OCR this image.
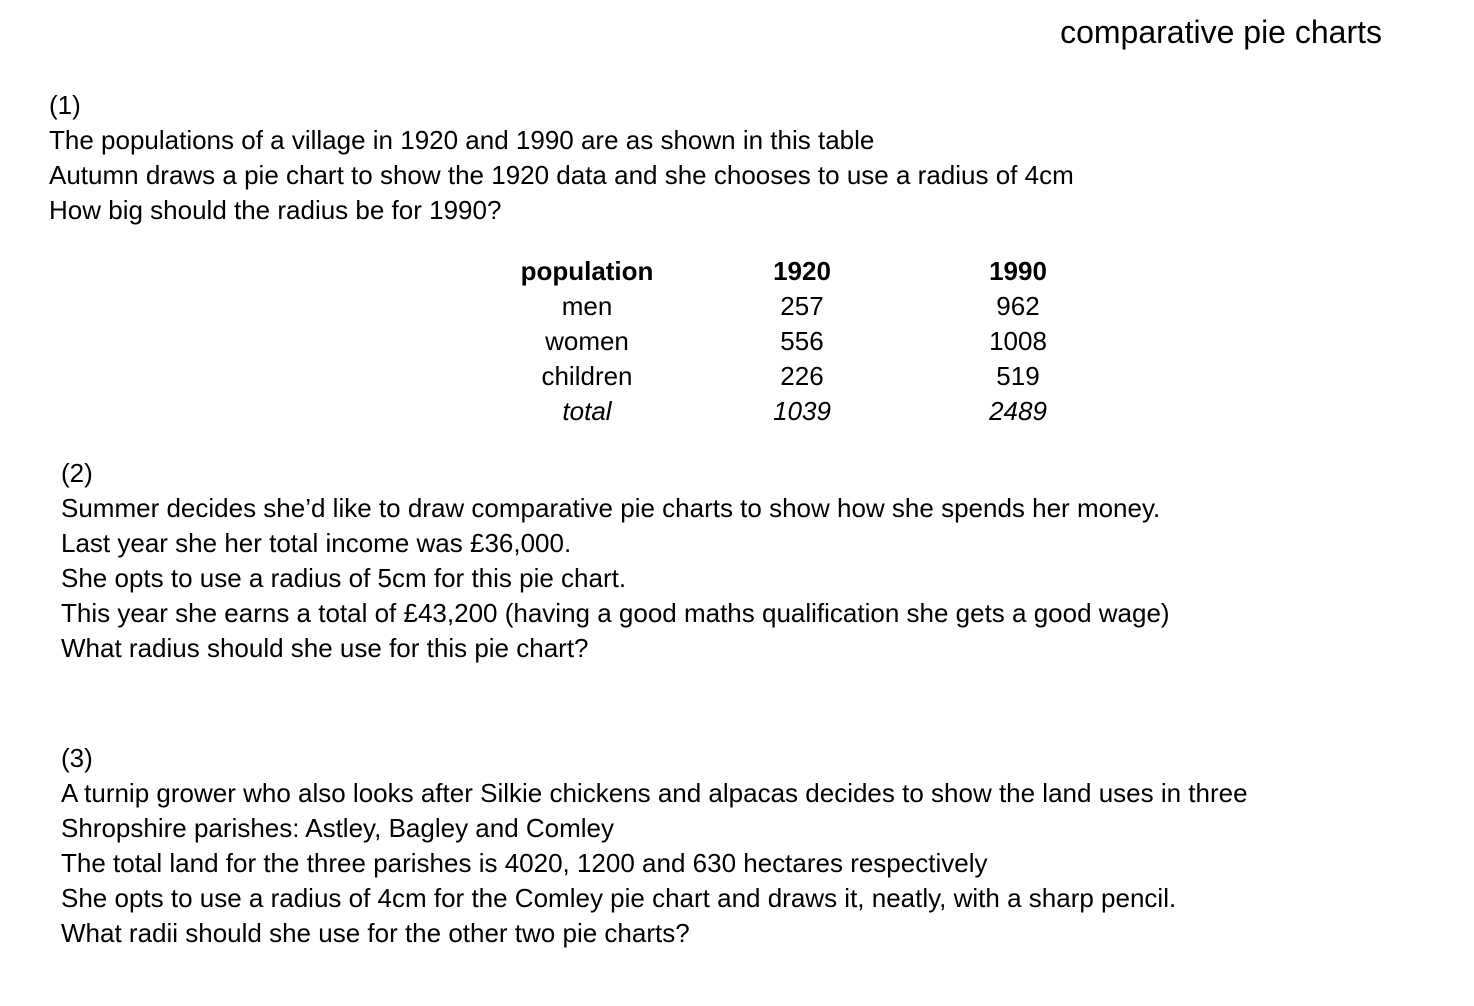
comparative pie charts
(1)
The populations of a village in 1920 and 1990 are as shown in this table
Autumn draws a pie chart to show the 1920 data and she chooses to use a radius of 4cm
How big should the radius be for 1990?
population	1920	1990
men	257	962
women	556	1008
children	226	519
total	1039	2489
(2)
Summer decides she’d like to draw comparative pie charts to show how she spends her money.
Last year she her total income was £36,000.
She opts to use a radius of 5cm for this pie chart.
This year she earns a total of £43,200 (having a good maths qualification she gets a good wage)
What radius should she use for this pie chart?
(3)
A turnip grower who also looks after Silkie chickens and alpacas decides to show the land uses in three
Shropshire parishes: Astley, Bagley and Comley
The total land for the three parishes is 4020, 1200 and 630 hectares respectively
She opts to use a radius of 4cm for the Comley pie chart and draws it, neatly, with a sharp pencil.
What radii should she use for the other two pie charts?
